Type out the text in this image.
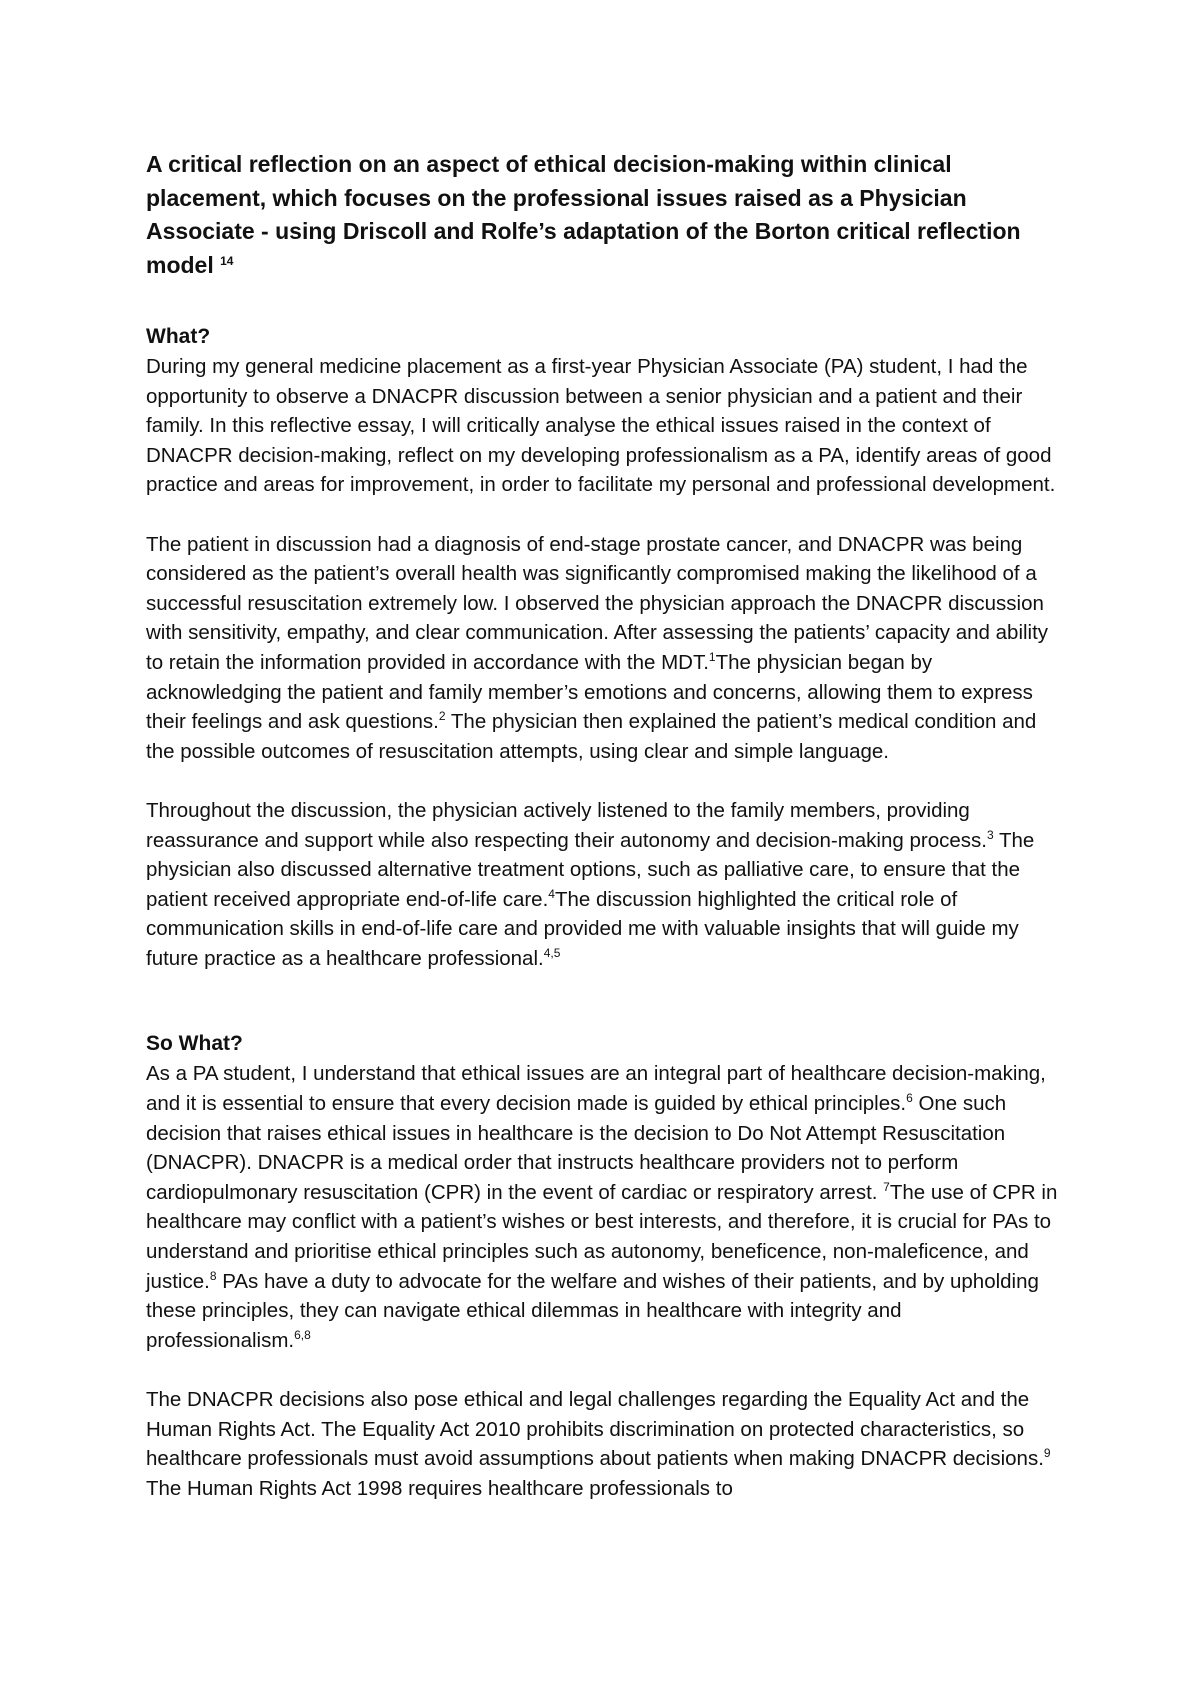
A critical reflection on an aspect of ethical decision-making within clinical placement, which focuses on the professional issues raised as a Physician Associate - using Driscoll and Rolfe’s adaptation of the Borton critical reflection model $^{14}$

What?

During my general medicine placement as a first-year Physician Associate (PA) student, I had the opportunity to observe a DNACPR discussion between a senior physician and a patient and their family. In this reflective essay, I will critically analyse the ethical issues raised in the context of DNACPR decision-making, reflect on my developing professionalism as a PA, identify areas of good practice and areas for improvement, in order to facilitate my personal and professional development.

The patient in discussion had a diagnosis of end-stage prostate cancer, and DNACPR was being considered as the patient’s overall health was significantly compromised making the likelihood of a successful resuscitation extremely low. I observed the physician approach the DNACPR discussion with sensitivity, empathy, and clear communication. After assessing the patients’ capacity and ability to retain the information provided in accordance with the MDT.$^1$The physician began by acknowledging the patient and family member’s emotions and concerns, allowing them to express their feelings and ask questions.$^2$ The physician then explained the patient’s medical condition and the possible outcomes of resuscitation attempts, using clear and simple language.

Throughout the discussion, the physician actively listened to the family members, providing reassurance and support while also respecting their autonomy and decision-making process.$^3$ The physician also discussed alternative treatment options, such as palliative care, to ensure that the patient received appropriate end-of-life care.$^4$The discussion highlighted the critical role of communication skills in end-of-life care and provided me with valuable insights that will guide my future practice as a healthcare professional.$^{4,5}$

So What?

As a PA student, I understand that ethical issues are an integral part of healthcare decision-making, and it is essential to ensure that every decision made is guided by ethical principles.$^6$ One such decision that raises ethical issues in healthcare is the decision to Do Not Attempt Resuscitation (DNACPR). DNACPR is a medical order that instructs healthcare providers not to perform cardiopulmonary resuscitation (CPR) in the event of cardiac or respiratory arrest. $^7$The use of CPR in healthcare may conflict with a patient’s wishes or best interests, and therefore, it is crucial for PAs to understand and prioritise ethical principles such as autonomy, beneficence, non-maleficence, and justice.$^8$ PAs have a duty to advocate for the welfare and wishes of their patients, and by upholding these principles, they can navigate ethical dilemmas in healthcare with integrity and professionalism.$^{6,8}$

The DNACPR decisions also pose ethical and legal challenges regarding the Equality Act and the Human Rights Act. The Equality Act 2010 prohibits discrimination on protected characteristics, so healthcare professionals must avoid assumptions about patients when making DNACPR decisions.$^9$ The Human Rights Act 1998 requires healthcare professionals to
